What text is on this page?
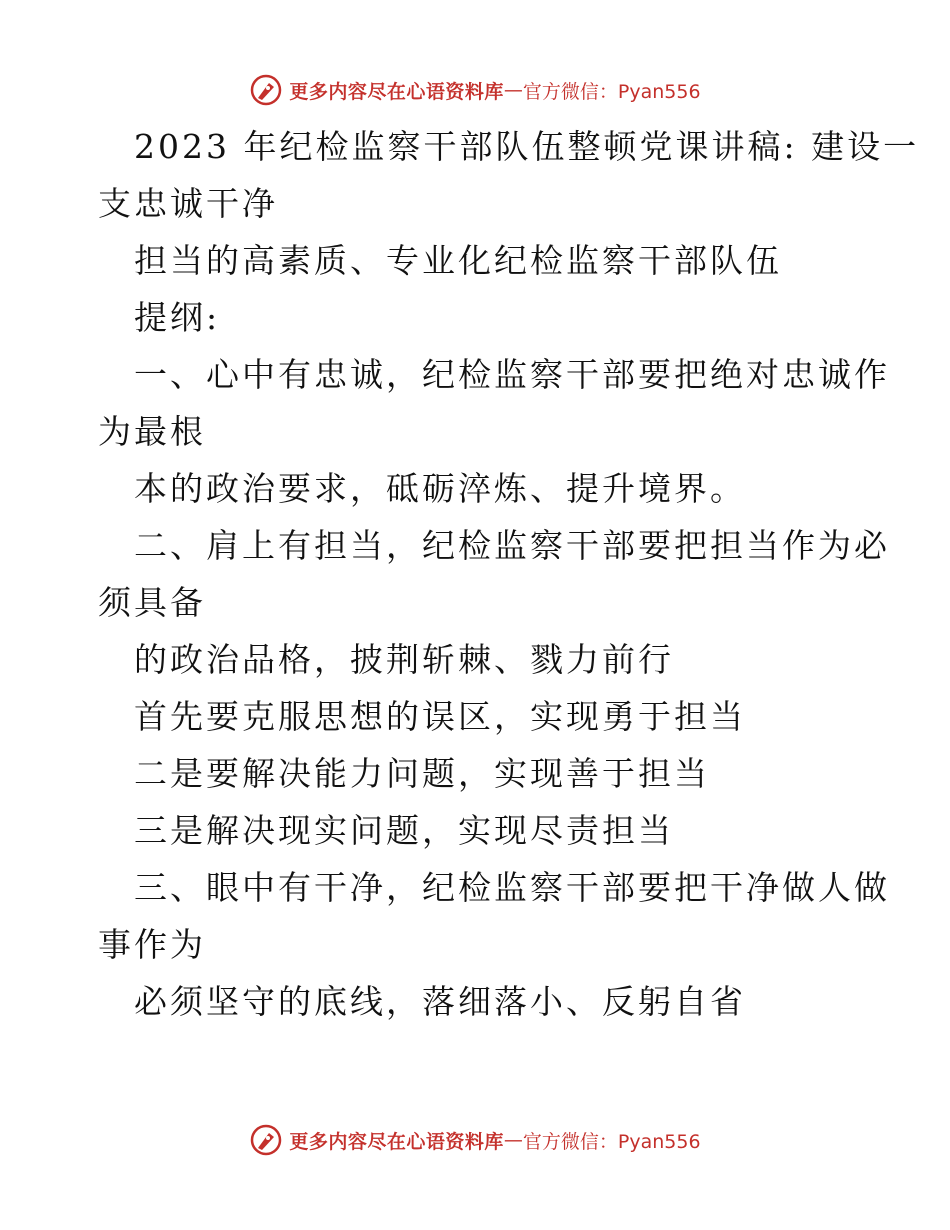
更多内容尽在心语资料库 — 官方微信：Pyan556
2023 年纪检监察干部队伍整顿党课讲稿: 建设一
支忠诚干净
担当的高素质、专业化纪检监察干部队伍
提纲:
一、心中有忠诚，纪检监察干部要把绝对忠诚作
为最根
本的政治要求，砥砺淬炼、提升境界。
二、肩上有担当，纪检监察干部要把担当作为必
须具备
的政治品格，披荆斩棘、戮力前行
首先要克服思想的误区，实现勇于担当
二是要解决能力问题，实现善于担当
三是解决现实问题，实现尽责担当
三、眼中有干净，纪检监察干部要把干净做人做
事作为
必须坚守的底线，落细落小、反躬自省
更多内容尽在心语资料库 — 官方微信：Pyan556
